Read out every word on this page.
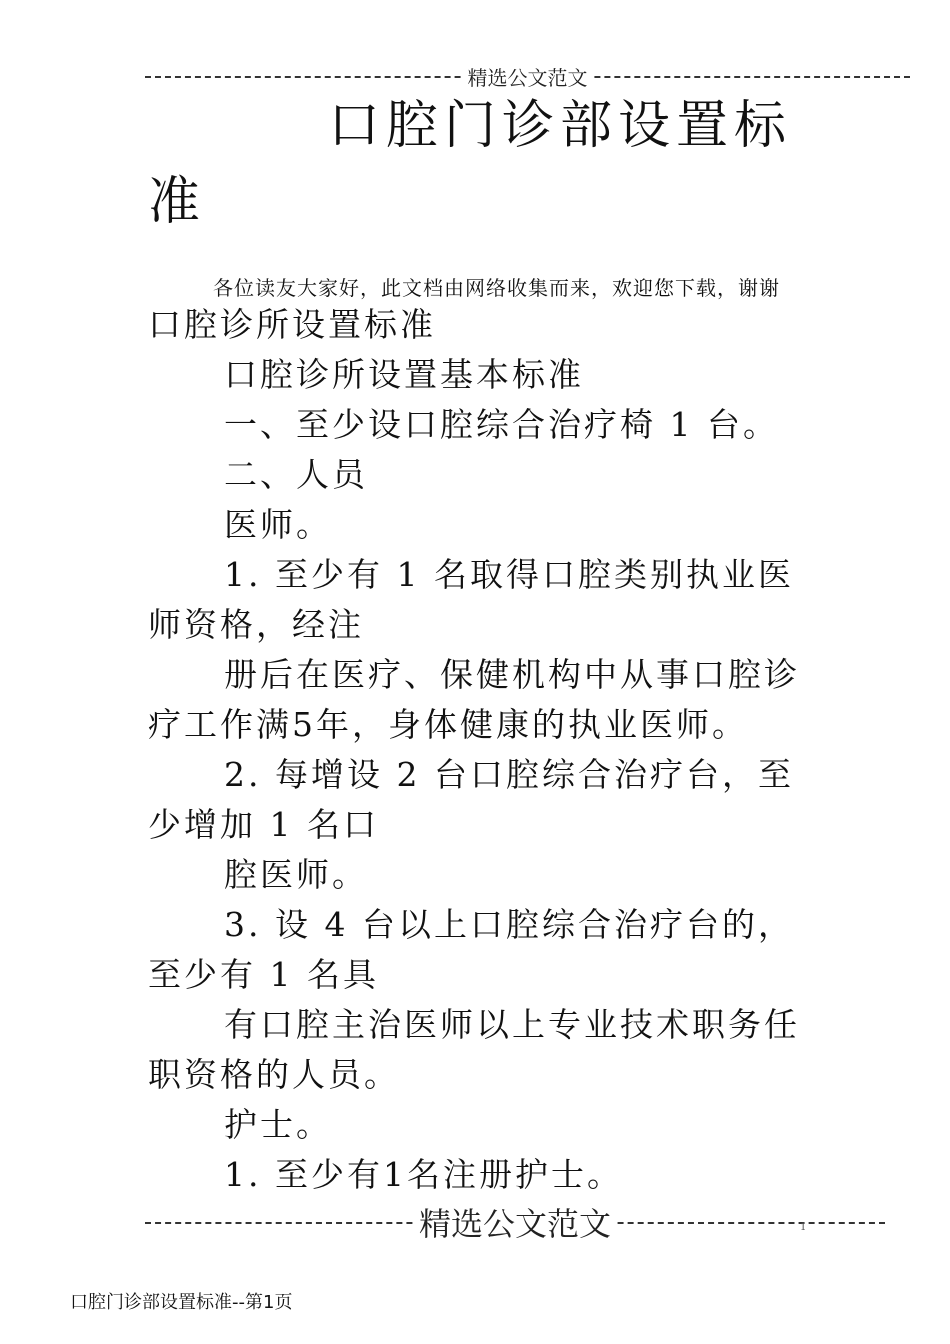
精选公文范文
口腔门诊部设置标准

各位读友大家好，此文档由网络收集而来，欢迎您下载，谢谢

口腔诊所设置标准

口腔诊所设置基本标准

一、至少设口腔综合治疗椅 1 台。

二、人员

医师。

1. 至少有 1 名取得口腔类别执业医师资格，经注

册后在医疗、保健机构中从事口腔诊疗工作满5年，身体健康的执业医师。

2. 每增设 2 台口腔综合治疗台，至少增加 1 名口

腔医师。

3. 设 4 台以上口腔综合治疗台的，至少有 1 名具

有口腔主治医师以上专业技术职务任职资格的人员。

护士。

1. 至少有1名注册护士。

精选公文范文	1
口腔门诊部设置标准--第1页
